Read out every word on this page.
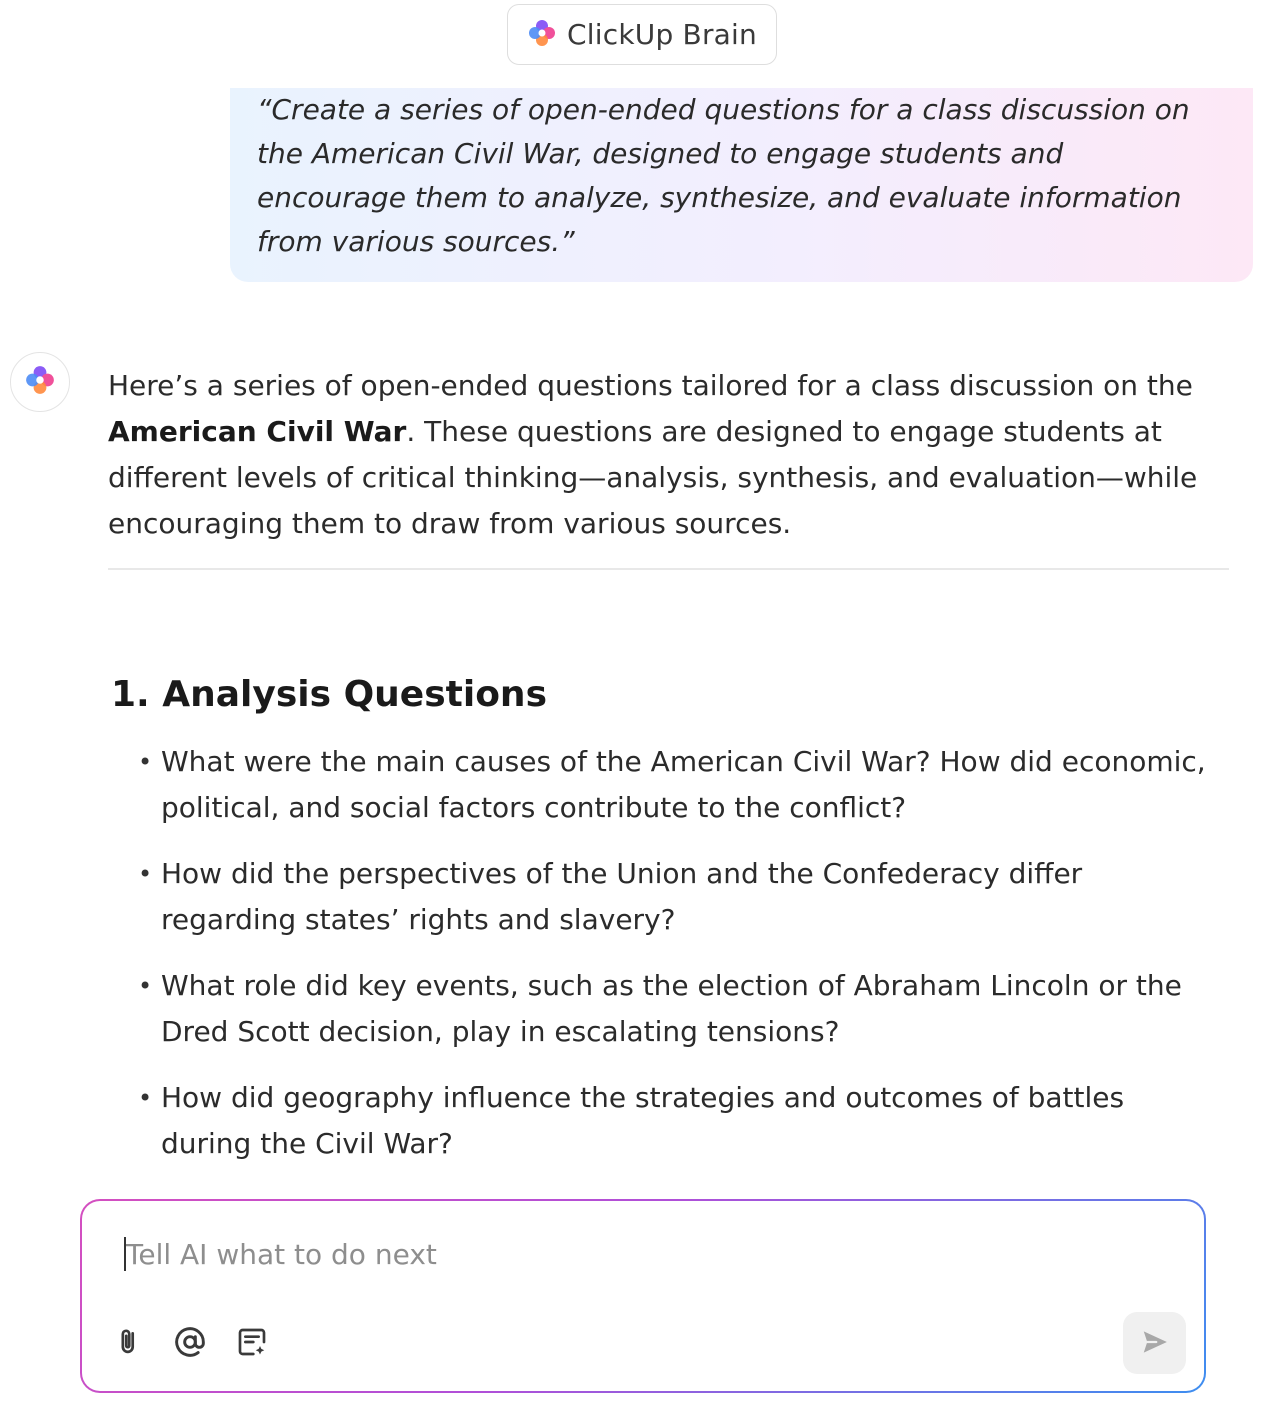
ClickUp Brain

“Create a series of open-ended questions for a class discussion on the American Civil War, designed to engage students and encourage them to analyze, synthesize, and evaluate information from various sources.”

Here’s a series of open-ended questions tailored for a class discussion on the American Civil War. These questions are designed to engage students at different levels of critical thinking—analysis, synthesis, and evaluation—while encouraging them to draw from various sources.

1. Analysis Questions
• What were the main causes of the American Civil War? How did economic, political, and social factors contribute to the conflict?
• How did the perspectives of the Union and the Confederacy differ regarding states’ rights and slavery?
• What role did key events, such as the election of Abraham Lincoln or the Dred Scott decision, play in escalating tensions?
• How did geography influence the strategies and outcomes of battles during the Civil War?
Tell AI what to do next
